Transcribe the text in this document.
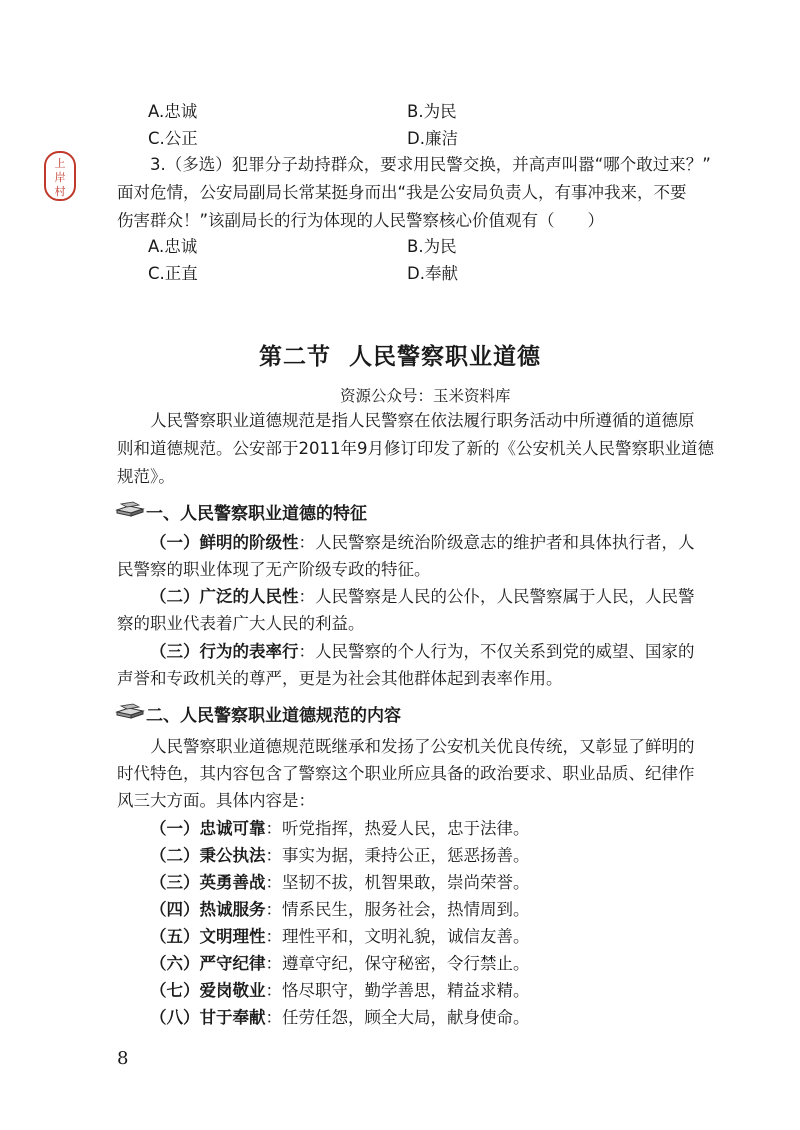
上
岸
村
A.忠诚	B.为民
C.公正	D.廉洁
3.（多选）犯罪分子劫持群众，要求用民警交换，并高声叫嚣“哪个敢过来？”
面对危情，公安局副局长常某挺身而出“我是公安局负责人，有事冲我来，不要
伤害群众！”该副局长的行为体现的人民警察核心价值观有（　　）
A.忠诚	B.为民
C.正直	D.奉献
第二节 人民警察职业道德
资源公众号：玉米资料库
人民警察职业道德规范是指人民警察在依法履行职务活动中所遵循的道德原
则和道德规范。公安部于2011年9月修订印发了新的《公安机关人民警察职业道德
规范》。
一、人民警察职业道德的特征
（一）鲜明的阶级性：人民警察是统治阶级意志的维护者和具体执行者，人
民警察的职业体现了无产阶级专政的特征。
（二）广泛的人民性：人民警察是人民的公仆，人民警察属于人民，人民警
察的职业代表着广大人民的利益。
（三）行为的表率行：人民警察的个人行为，不仅关系到党的威望、国家的
声誉和专政机关的尊严，更是为社会其他群体起到表率作用。
二、人民警察职业道德规范的内容
人民警察职业道德规范既继承和发扬了公安机关优良传统，又彰显了鲜明的
时代特色，其内容包含了警察这个职业所应具备的政治要求、职业品质、纪律作
风三大方面。具体内容是：
（一）忠诚可靠：听党指挥，热爱人民，忠于法律。
（二）秉公执法：事实为据，秉持公正，惩恶扬善。
（三）英勇善战：坚韧不拔，机智果敢，崇尚荣誉。
（四）热诚服务：情系民生，服务社会，热情周到。
（五）文明理性：理性平和，文明礼貌，诚信友善。
（六）严守纪律：遵章守纪，保守秘密，令行禁止。
（七）爱岗敬业：恪尽职守，勤学善思，精益求精。
（八）甘于奉献：任劳任怨，顾全大局，献身使命。
8
